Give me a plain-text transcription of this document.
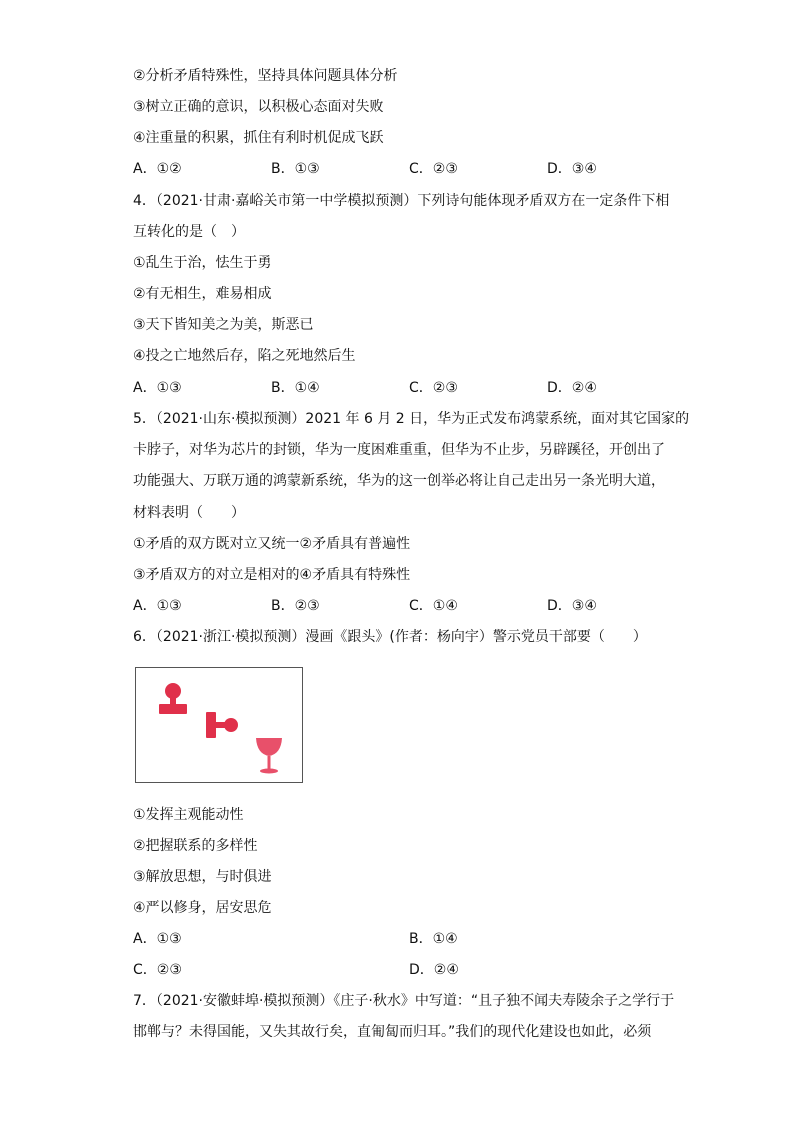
②分析矛盾特殊性，坚持具体问题具体分析
③树立正确的意识，以积极心态面对失败
④注重量的积累，抓住有利时机促成飞跃
A．①②	B．①③	C．②③	D．③④
4．（2021·甘肃·嘉峪关市第一中学模拟预测）下列诗句能体现矛盾双方在一定条件下相
互转化的是（　）
①乱生于治，怯生于勇
②有无相生，难易相成
③天下皆知美之为美，斯恶已
④投之亡地然后存，陷之死地然后生
A．①③	B．①④	C．②③	D．②④
5．（2021·山东·模拟预测）2021 年 6 月 2 日，华为正式发布鸿蒙系统，面对其它国家的
卡脖子，对华为芯片的封锁，华为一度困难重重，但华为不止步，另辟蹊径，开创出了
功能强大、万联万通的鸿蒙新系统，华为的这一创举必将让自己走出另一条光明大道，
材料表明（　　）
①矛盾的双方既对立又统一②矛盾具有普遍性
③矛盾双方的对立是相对的④矛盾具有特殊性
A．①③	B．②③	C．①④	D．③④
6．（2021·浙江·模拟预测）漫画《跟头》(作者：杨向宇）警示党员干部要（　　）
①发挥主观能动性
②把握联系的多样性
③解放思想，与时俱进
④严以修身，居安思危
A．①③	B．①④
C．②③	D．②④
7．（2021·安徽蚌埠·模拟预测）《庄子·秋水》中写道：“且子独不闻夫寿陵余子之学行于
邯郸与？未得国能，又失其故行矣，直匍匐而归耳。”我们的现代化建设也如此，必须
